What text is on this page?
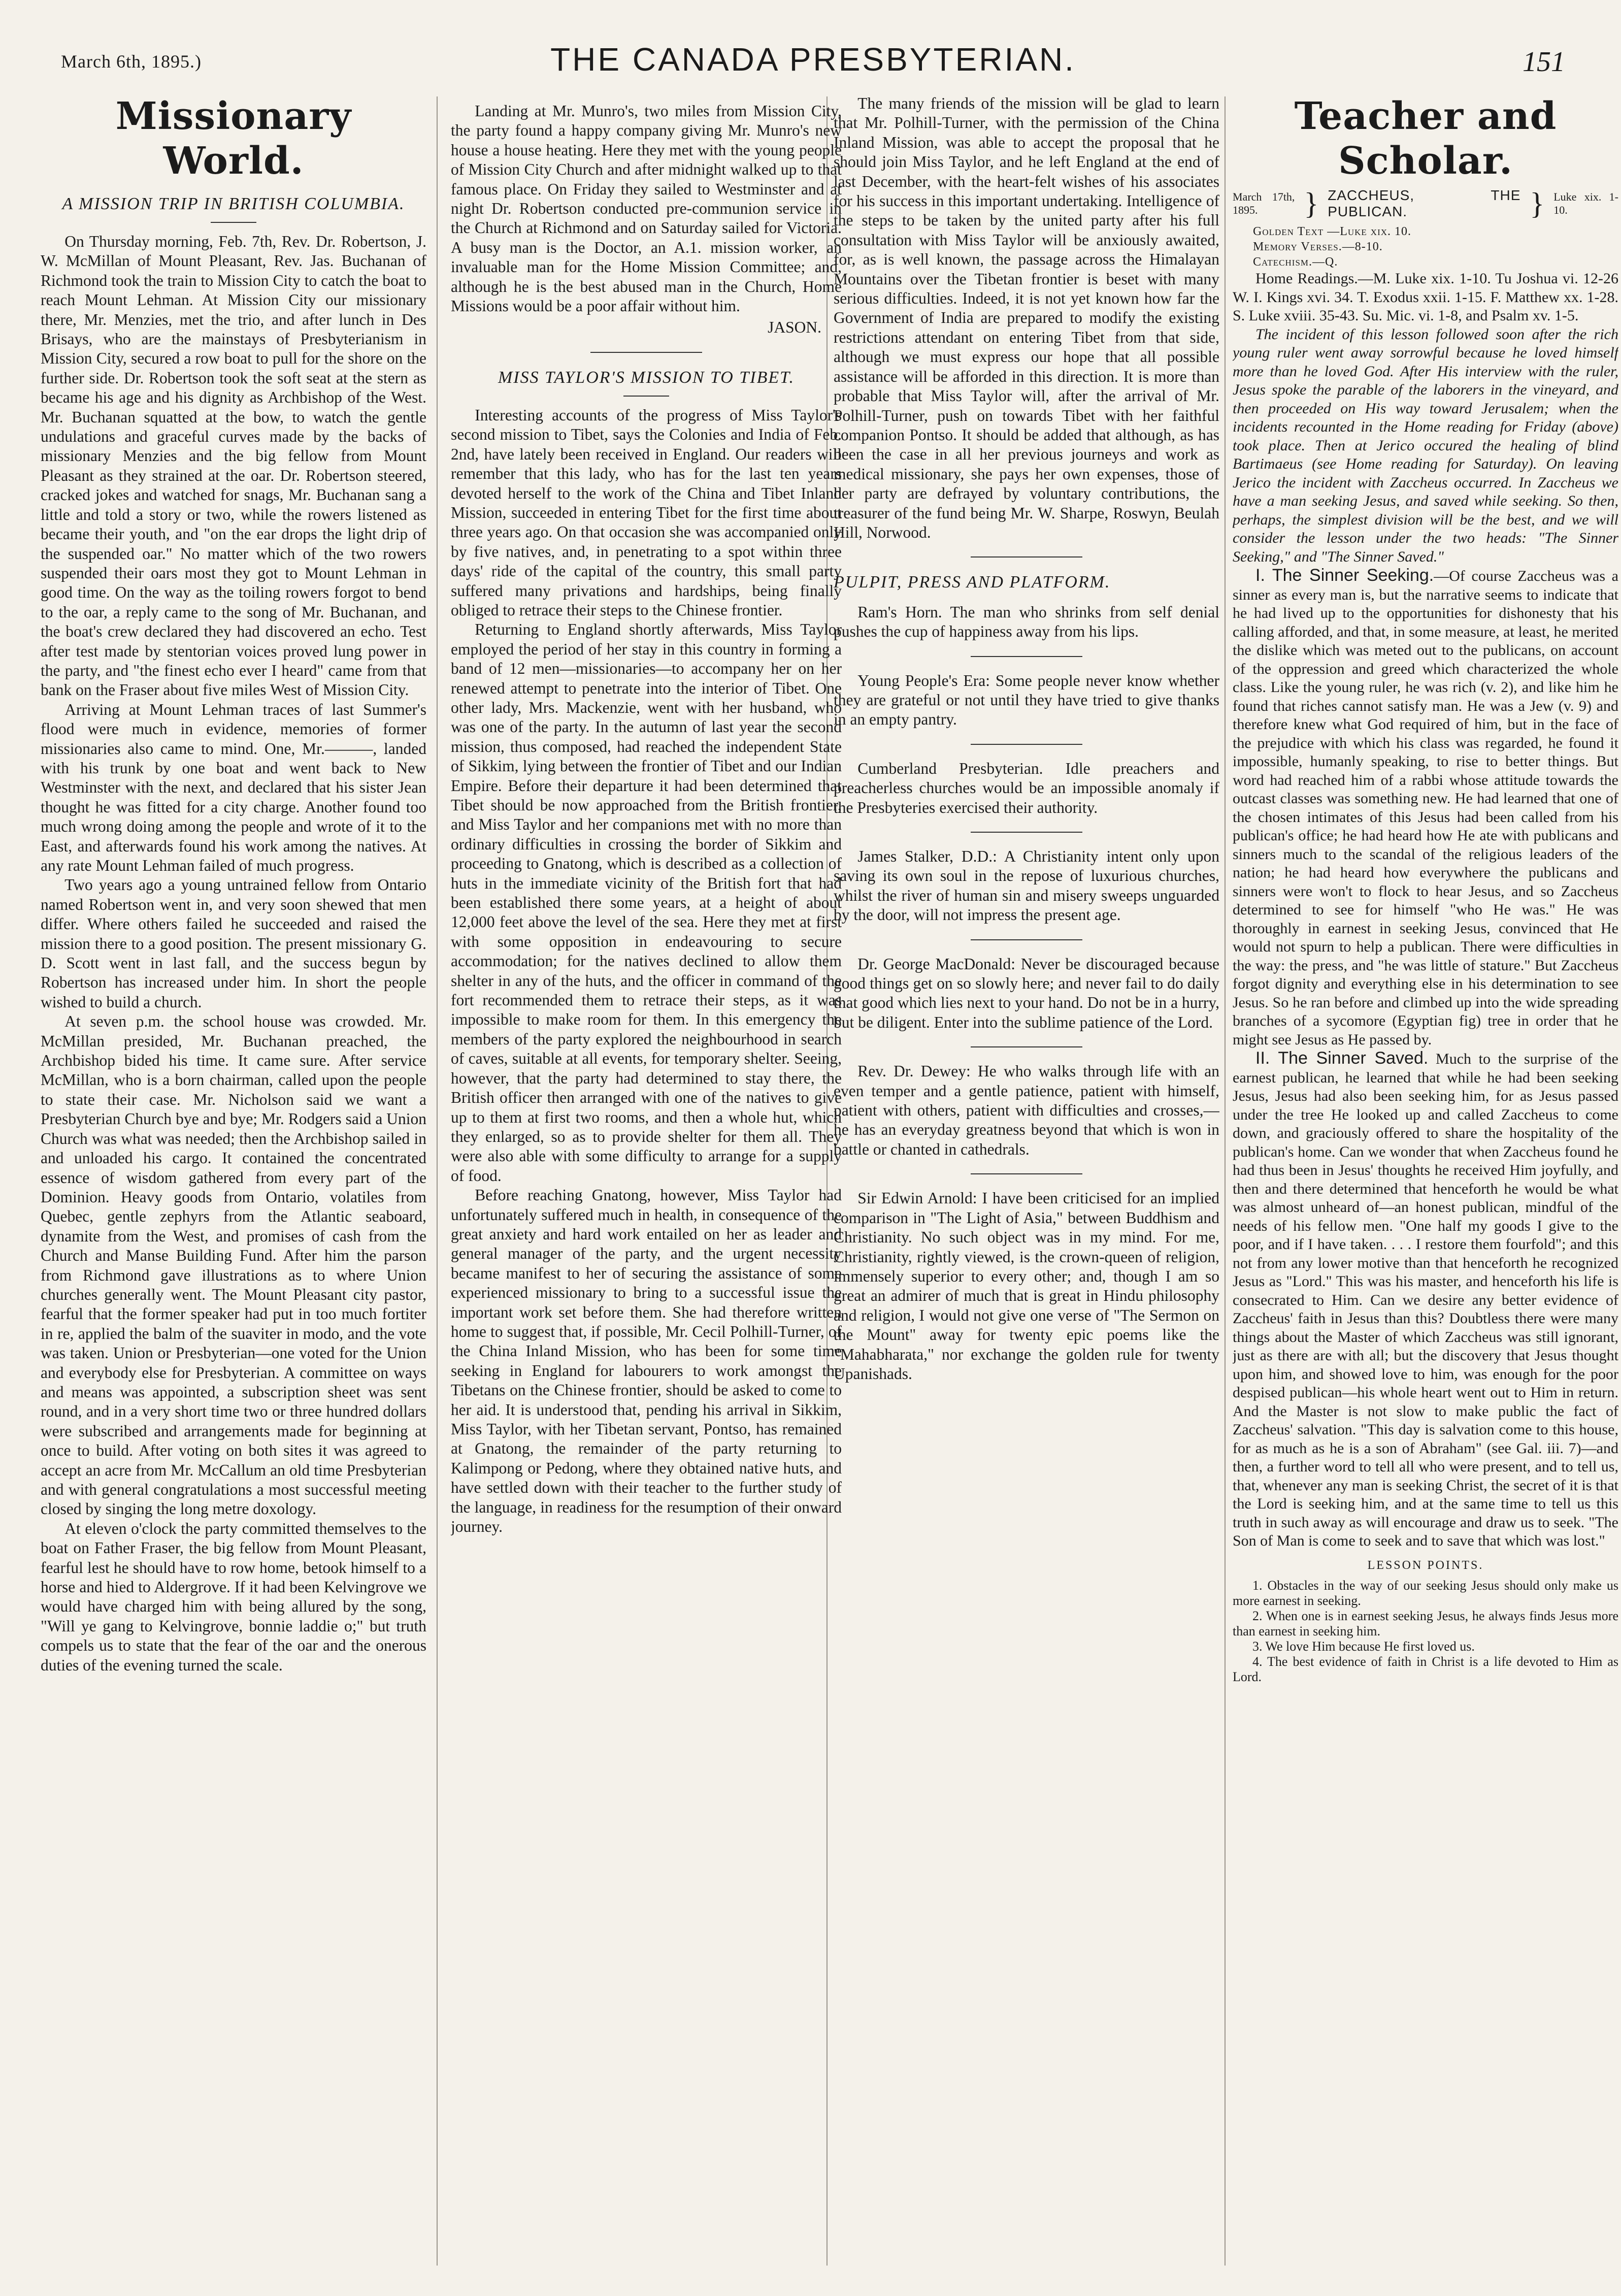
March 6th, 1895.)	THE CANADA PRESBYTERIAN.	151
Missionary World.
A MISSION TRIP IN BRITISH COLUMBIA.

On Thursday morning, Feb. 7th, Rev. Dr. Robertson, J. W. McMillan of Mount Pleasant, Rev. Jas. Buchanan of Richmond took the train to Mission City to catch the boat to reach Mount Lehman. At Mission City our missionary there, Mr. Menzies, met the trio, and after lunch in Des Brisays, who are the mainstays of Presbyterianism in Mission City, secured a row boat to pull for the shore on the further side. Dr. Robertson took the soft seat at the stern as became his age and his dignity as Archbishop of the West. Mr. Buchanan squatted at the bow, to watch the gentle undulations and graceful curves made by the backs of missionary Menzies and the big fellow from Mount Pleasant as they strained at the oar. Dr. Robertson steered, cracked jokes and watched for snags, Mr. Buchanan sang a little and told a story or two, while the rowers listened as became their youth, and "on the ear drops the light drip of the suspended oar." No matter which of the two rowers suspended their oars most they got to Mount Lehman in good time. On the way as the toiling rowers forgot to bend to the oar, a reply came to the song of Mr. Buchanan, and the boat's crew declared they had discovered an echo. Test after test made by stentorian voices proved lung power in the party, and "the finest echo ever I heard" came from that bank on the Fraser about five miles West of Mission City.

Arriving at Mount Lehman traces of last Summer's flood were much in evidence, memories of former missionaries also came to mind. One, Mr.———, landed with his trunk by one boat and went back to New Westminster with the next, and declared that his sister Jean thought he was fitted for a city charge. Another found too much wrong doing among the people and wrote of it to the East, and afterwards found his work among the natives. At any rate Mount Lehman failed of much progress.

Two years ago a young untrained fellow from Ontario named Robertson went in, and very soon shewed that men differ. Where others failed he succeeded and raised the mission there to a good position. The present missionary G. D. Scott went in last fall, and the success begun by Robertson has increased under him. In short the people wished to build a church.

At seven p.m. the school house was crowded. Mr. McMillan presided, Mr. Buchanan preached, the Archbishop bided his time. It came sure. After service McMillan, who is a born chairman, called upon the people to state their case. Mr. Nicholson said we want a Presbyterian Church bye and bye; Mr. Rodgers said a Union Church was what was needed; then the Archbishop sailed in and unloaded his cargo. It contained the concentrated essence of wisdom gathered from every part of the Dominion. Heavy goods from Ontario, volatiles from Quebec, gentle zephyrs from the Atlantic seaboard, dynamite from the West, and promises of cash from the Church and Manse Building Fund. After him the parson from Richmond gave illustrations as to where Union churches generally went. The Mount Pleasant city pastor, fearful that the former speaker had put in too much fortiter in re, applied the balm of the suaviter in modo, and the vote was taken. Union or Presbyterian—one voted for the Union and everybody else for Presbyterian. A committee on ways and means was appointed, a subscription sheet was sent round, and in a very short time two or three hundred dollars were subscribed and arrangements made for beginning at once to build. After voting on both sites it was agreed to accept an acre from Mr. McCallum an old time Presbyterian and with general congratulations a most successful meeting closed by singing the long metre doxology.

At eleven o'clock the party committed themselves to the boat on Father Fraser, the big fellow from Mount Pleasant, fearful lest he should have to row home, betook himself to a horse and hied to Aldergrove. If it had been Kelvingrove we would have charged him with being allured by the song, "Will ye gang to Kelvingrove, bonnie laddie o;" but truth compels us to state that the fear of the oar and the onerous duties of the evening turned the scale.

Landing at Mr. Munro's, two miles from Mission City, the party found a happy company giving Mr. Munro's new house a house heating. Here they met with the young people of Mission City Church and after midnight walked up to that famous place. On Friday they sailed to Westminster and at night Dr. Robertson conducted pre-communion service in the Church at Richmond and on Saturday sailed for Victoria. A busy man is the Doctor, an A.1. mission worker, an invaluable man for the Home Mission Committee; and, although he is the best abused man in the Church, Home Missions would be a poor affair without him.

JASON.
MISS TAYLOR'S MISSION TO TIBET.

Interesting accounts of the progress of Miss Taylor's second mission to Tibet, says the Colonies and India of Feb. 2nd, have lately been received in England. Our readers will remember that this lady, who has for the last ten years devoted herself to the work of the China and Tibet Inland Mission, succeeded in entering Tibet for the first time about three years ago. On that occasion she was accompanied only by five natives, and, in penetrating to a spot within three days' ride of the capital of the country, this small party suffered many privations and hardships, being finally obliged to retrace their steps to the Chinese frontier.

Returning to England shortly afterwards, Miss Taylor employed the period of her stay in this country in forming a band of 12 men—missionaries—to accompany her on her renewed attempt to penetrate into the interior of Tibet. One other lady, Mrs. Mackenzie, went with her husband, who was one of the party. In the autumn of last year the second mission, thus composed, had reached the independent State of Sikkim, lying between the frontier of Tibet and our Indian Empire. Before their departure it had been determined that Tibet should be now approached from the British frontier, and Miss Taylor and her companions met with no more than ordinary difficulties in crossing the border of Sikkim and proceeding to Gnatong, which is described as a collection of huts in the immediate vicinity of the British fort that had been established there some years, at a height of about 12,000 feet above the level of the sea. Here they met at first with some opposition in endeavouring to secure accommodation; for the natives declined to allow them shelter in any of the huts, and the officer in command of the fort recommended them to retrace their steps, as it was impossible to make room for them. In this emergency the members of the party explored the neighbourhood in search of caves, suitable at all events, for temporary shelter. Seeing, however, that the party had determined to stay there, the British officer then arranged with one of the natives to give up to them at first two rooms, and then a whole hut, which they enlarged, so as to provide shelter for them all. They were also able with some difficulty to arrange for a supply of food.

Before reaching Gnatong, however, Miss Taylor had unfortunately suffered much in health, in consequence of the great anxiety and hard work entailed on her as leader and general manager of the party, and the urgent necessity became manifest to her of securing the assistance of some experienced missionary to bring to a successful issue the important work set before them. She had therefore written home to suggest that, if possible, Mr. Cecil Polhill-Turner, of the China Inland Mission, who has been for some time seeking in England for labourers to work amongst the Tibetans on the Chinese frontier, should be asked to come to her aid. It is understood that, pending his arrival in Sikkim, Miss Taylor, with her Tibetan servant, Pontso, has remained at Gnatong, the remainder of the party returning to Kalimpong or Pedong, where they obtained native huts, and have settled down with their teacher to the further study of the language, in readiness for the resumption of their onward journey.

The many friends of the mission will be glad to learn that Mr. Polhill-Turner, with the permission of the China Inland Mission, was able to accept the proposal that he should join Miss Taylor, and he left England at the end of last December, with the heart-felt wishes of his associates for his success in this important undertaking. Intelligence of the steps to be taken by the united party after his full consultation with Miss Taylor will be anxiously awaited, for, as is well known, the passage across the Himalayan Mountains over the Tibetan frontier is beset with many serious difficulties. Indeed, it is not yet known how far the Government of India are prepared to modify the existing restrictions attendant on entering Tibet from that side, although we must express our hope that all possible assistance will be afforded in this direction. It is more than probable that Miss Taylor will, after the arrival of Mr. Polhill-Turner, push on towards Tibet with her faithful companion Pontso. It should be added that although, as has been the case in all her previous journeys and work as medical missionary, she pays her own expenses, those of her party are defrayed by voluntary contributions, the treasurer of the fund being Mr. W. Sharpe, Roswyn, Beulah Hill, Norwood.

PULPIT, PRESS AND PLATFORM.

Ram's Horn. The man who shrinks from self denial pushes the cup of happiness away from his lips.

Young People's Era: Some people never know whether they are grateful or not until they have tried to give thanks in an empty pantry.

Cumberland Presbyterian. Idle preachers and preacherless churches would be an impossible anomaly if the Presbyteries exercised their authority.

James Stalker, D.D.: A Christianity intent only upon saving its own soul in the repose of luxurious churches, whilst the river of human sin and misery sweeps unguarded by the door, will not impress the present age.

Dr. George MacDonald: Never be discouraged because good things get on so slowly here; and never fail to do daily that good which lies next to your hand. Do not be in a hurry, but be diligent. Enter into the sublime patience of the Lord.

Rev. Dr. Dewey: He who walks through life with an even temper and a gentle patience, patient with himself, patient with others, patient with difficulties and crosses,—he has an everyday greatness beyond that which is won in battle or chanted in cathedrals.

Sir Edwin Arnold: I have been criticised for an implied comparison in "The Light of Asia," between Buddhism and Christianity. No such object was in my mind. For me, Christianity, rightly viewed, is the crown-queen of religion, immensely superior to every other; and, though I am so great an admirer of much that is great in Hindu philosophy and religion, I would not give one verse of "The Sermon on the Mount" away for twenty epic poems like the "Mahabharata," nor exchange the golden rule for twenty Upanishads.

Teacher and Scholar.
March 17th, 1895.	} ZACCHEUS, THE PUBLICAN.	} Luke xix. 1-10.
Golden Text —Luke xix. 10.
Memory Verses.—8-10.
Catechism.—Q.

Home Readings.—M. Luke xix. 1-10. Tu Joshua vi. 12-26 W. I. Kings xvi. 34. T. Exodus xxii. 1-15. F. Matthew xx. 1-28. S. Luke xviii. 35-43. Su. Mic. vi. 1-8, and Psalm xv. 1-5.

The incident of this lesson followed soon after the rich young ruler went away sorrowful because he loved himself more than he loved God. After His interview with the ruler, Jesus spoke the parable of the laborers in the vineyard, and then proceeded on His way toward Jerusalem; when the incidents recounted in the Home reading for Friday (above) took place. Then at Jerico occured the healing of blind Bartimaeus (see Home reading for Saturday). On leaving Jerico the incident with Zaccheus occurred. In Zaccheus we have a man seeking Jesus, and saved while seeking. So then, perhaps, the simplest division will be the best, and we will consider the lesson under the two heads: "The Sinner Seeking," and "The Sinner Saved."

I. The Sinner Seeking.—Of course Zaccheus was a sinner as every man is, but the narrative seems to indicate that he had lived up to the opportunities for dishonesty that his calling afforded, and that, in some measure, at least, he merited the dislike which was meted out to the publicans, on account of the oppression and greed which characterized the whole class. Like the young ruler, he was rich (v. 2), and like him he found that riches cannot satisfy man. He was a Jew (v. 9) and therefore knew what God required of him, but in the face of the prejudice with which his class was regarded, he found it impossible, humanly speaking, to rise to better things. But word had reached him of a rabbi whose attitude towards the outcast classes was something new. He had learned that one of the chosen intimates of this Jesus had been called from his publican's office; he had heard how He ate with publicans and sinners much to the scandal of the religious leaders of the nation; he had heard how everywhere the publicans and sinners were won't to flock to hear Jesus, and so Zaccheus determined to see for himself "who He was." He was thoroughly in earnest in seeking Jesus, convinced that He would not spurn to help a publican. There were difficulties in the way: the press, and "he was little of stature." But Zaccheus forgot dignity and everything else in his determination to see Jesus. So he ran before and climbed up into the wide spreading branches of a sycomore (Egyptian fig) tree in order that he might see Jesus as He passed by.

II. The Sinner Saved. Much to the surprise of the earnest publican, he learned that while he had been seeking Jesus, Jesus had also been seeking him, for as Jesus passed under the tree He looked up and called Zaccheus to come down, and graciously offered to share the hospitality of the publican's home. Can we wonder that when Zaccheus found he had thus been in Jesus' thoughts he received Him joyfully, and then and there determined that henceforth he would be what was almost unheard of—an honest publican, mindful of the needs of his fellow men. "One half my goods I give to the poor, and if I have taken. . . . I restore them fourfold"; and this not from any lower motive than that henceforth he recognized Jesus as "Lord." This was his master, and henceforth his life is consecrated to Him. Can we desire any better evidence of Zaccheus' faith in Jesus than this? Doubtless there were many things about the Master of which Zaccheus was still ignorant, just as there are with all; but the discovery that Jesus thought upon him, and showed love to him, was enough for the poor despised publican—his whole heart went out to Him in return. And the Master is not slow to make public the fact of Zaccheus' salvation. "This day is salvation come to this house, for as much as he is a son of Abraham" (see Gal. iii. 7)—and then, a further word to tell all who were present, and to tell us, that, whenever any man is seeking Christ, the secret of it is that the Lord is seeking him, and at the same time to tell us this truth in such away as will encourage and draw us to seek. "The Son of Man is come to seek and to save that which was lost."

LESSON POINTS.
1. Obstacles in the way of our seeking Jesus should only make us more earnest in seeking.
2. When one is in earnest seeking Jesus, he always finds Jesus more than earnest in seeking him.
3. We love Him because He first loved us.
4. The best evidence of faith in Christ is a life devoted to Him as Lord.
